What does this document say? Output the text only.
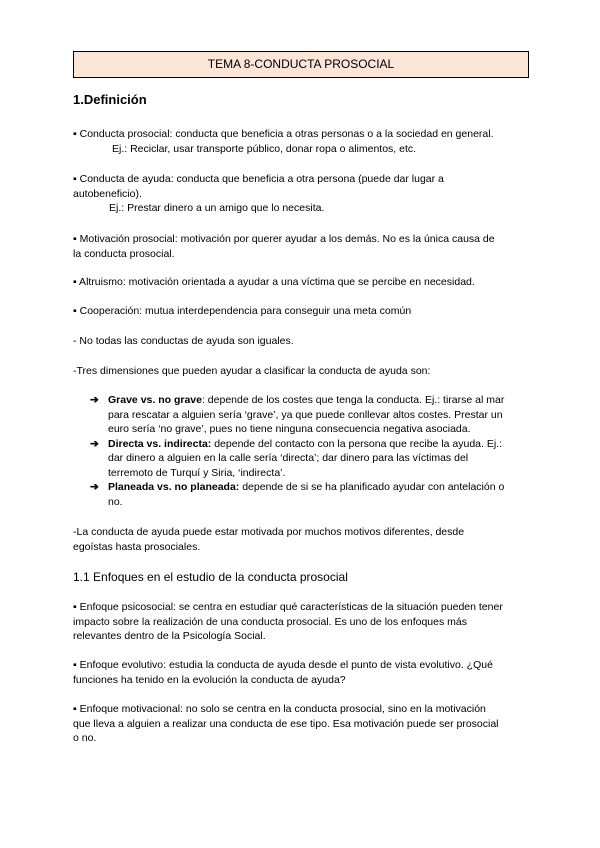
TEMA 8-CONDUCTA PROSOCIAL
1.Definición
▪ Conducta prosocial: conducta que beneficia a otras personas o a la sociedad en general.
Ej.: Reciclar, usar transporte público, donar ropa o alimentos, etc.
▪ Conducta de ayuda: conducta que beneficia a otra persona (puede dar lugar a
autobeneficio).
Ej.: Prestar dinero a un amigo que lo necesita.
▪ Motivación prosocial: motivación por querer ayudar a los demás. No es la única causa de
la conducta prosocial.
▪ Altruismo: motivación orientada a ayudar a una víctima que se percibe en necesidad.
▪ Cooperación: mutua interdependencia para conseguir una meta común
- No todas las conductas de ayuda son iguales.
-Tres dimensiones que pueden ayudar a clasificar la conducta de ayuda son:
➔ Grave vs. no grave: depende de los costes que tenga la conducta. Ej.: tirarse al mar
para rescatar a alguien sería ‘grave’, ya que puede conllevar altos costes. Prestar un
euro sería ‘no grave’, pues no tiene ninguna consecuencia negativa asociada.
➔ Directa vs. indirecta: depende del contacto con la persona que recibe la ayuda. Ej.:
dar dinero a alguien en la calle sería ‘directa’; dar dinero para las víctimas del
terremoto de Turquí y Siria, ‘indirecta’.
➔ Planeada vs. no planeada: depende de si se ha planificado ayudar con antelación o
no.
-La conducta de ayuda puede estar motivada por muchos motivos diferentes, desde
egoístas hasta prosociales.
1.1 Enfoques en el estudio de la conducta prosocial
▪ Enfoque psicosocial: se centra en estudiar qué características de la situación pueden tener
impacto sobre la realización de una conducta prosocial. Es uno de los enfoques más
relevantes dentro de la Psicología Social.
▪ Enfoque evolutivo: estudia la conducta de ayuda desde el punto de vista evolutivo. ¿Qué
funciones ha tenido en la evolución la conducta de ayuda?
▪ Enfoque motivacional: no solo se centra en la conducta prosocial, sino en la motivación
que lleva a alguien a realizar una conducta de ese tipo. Esa motivación puede ser prosocial
o no.
